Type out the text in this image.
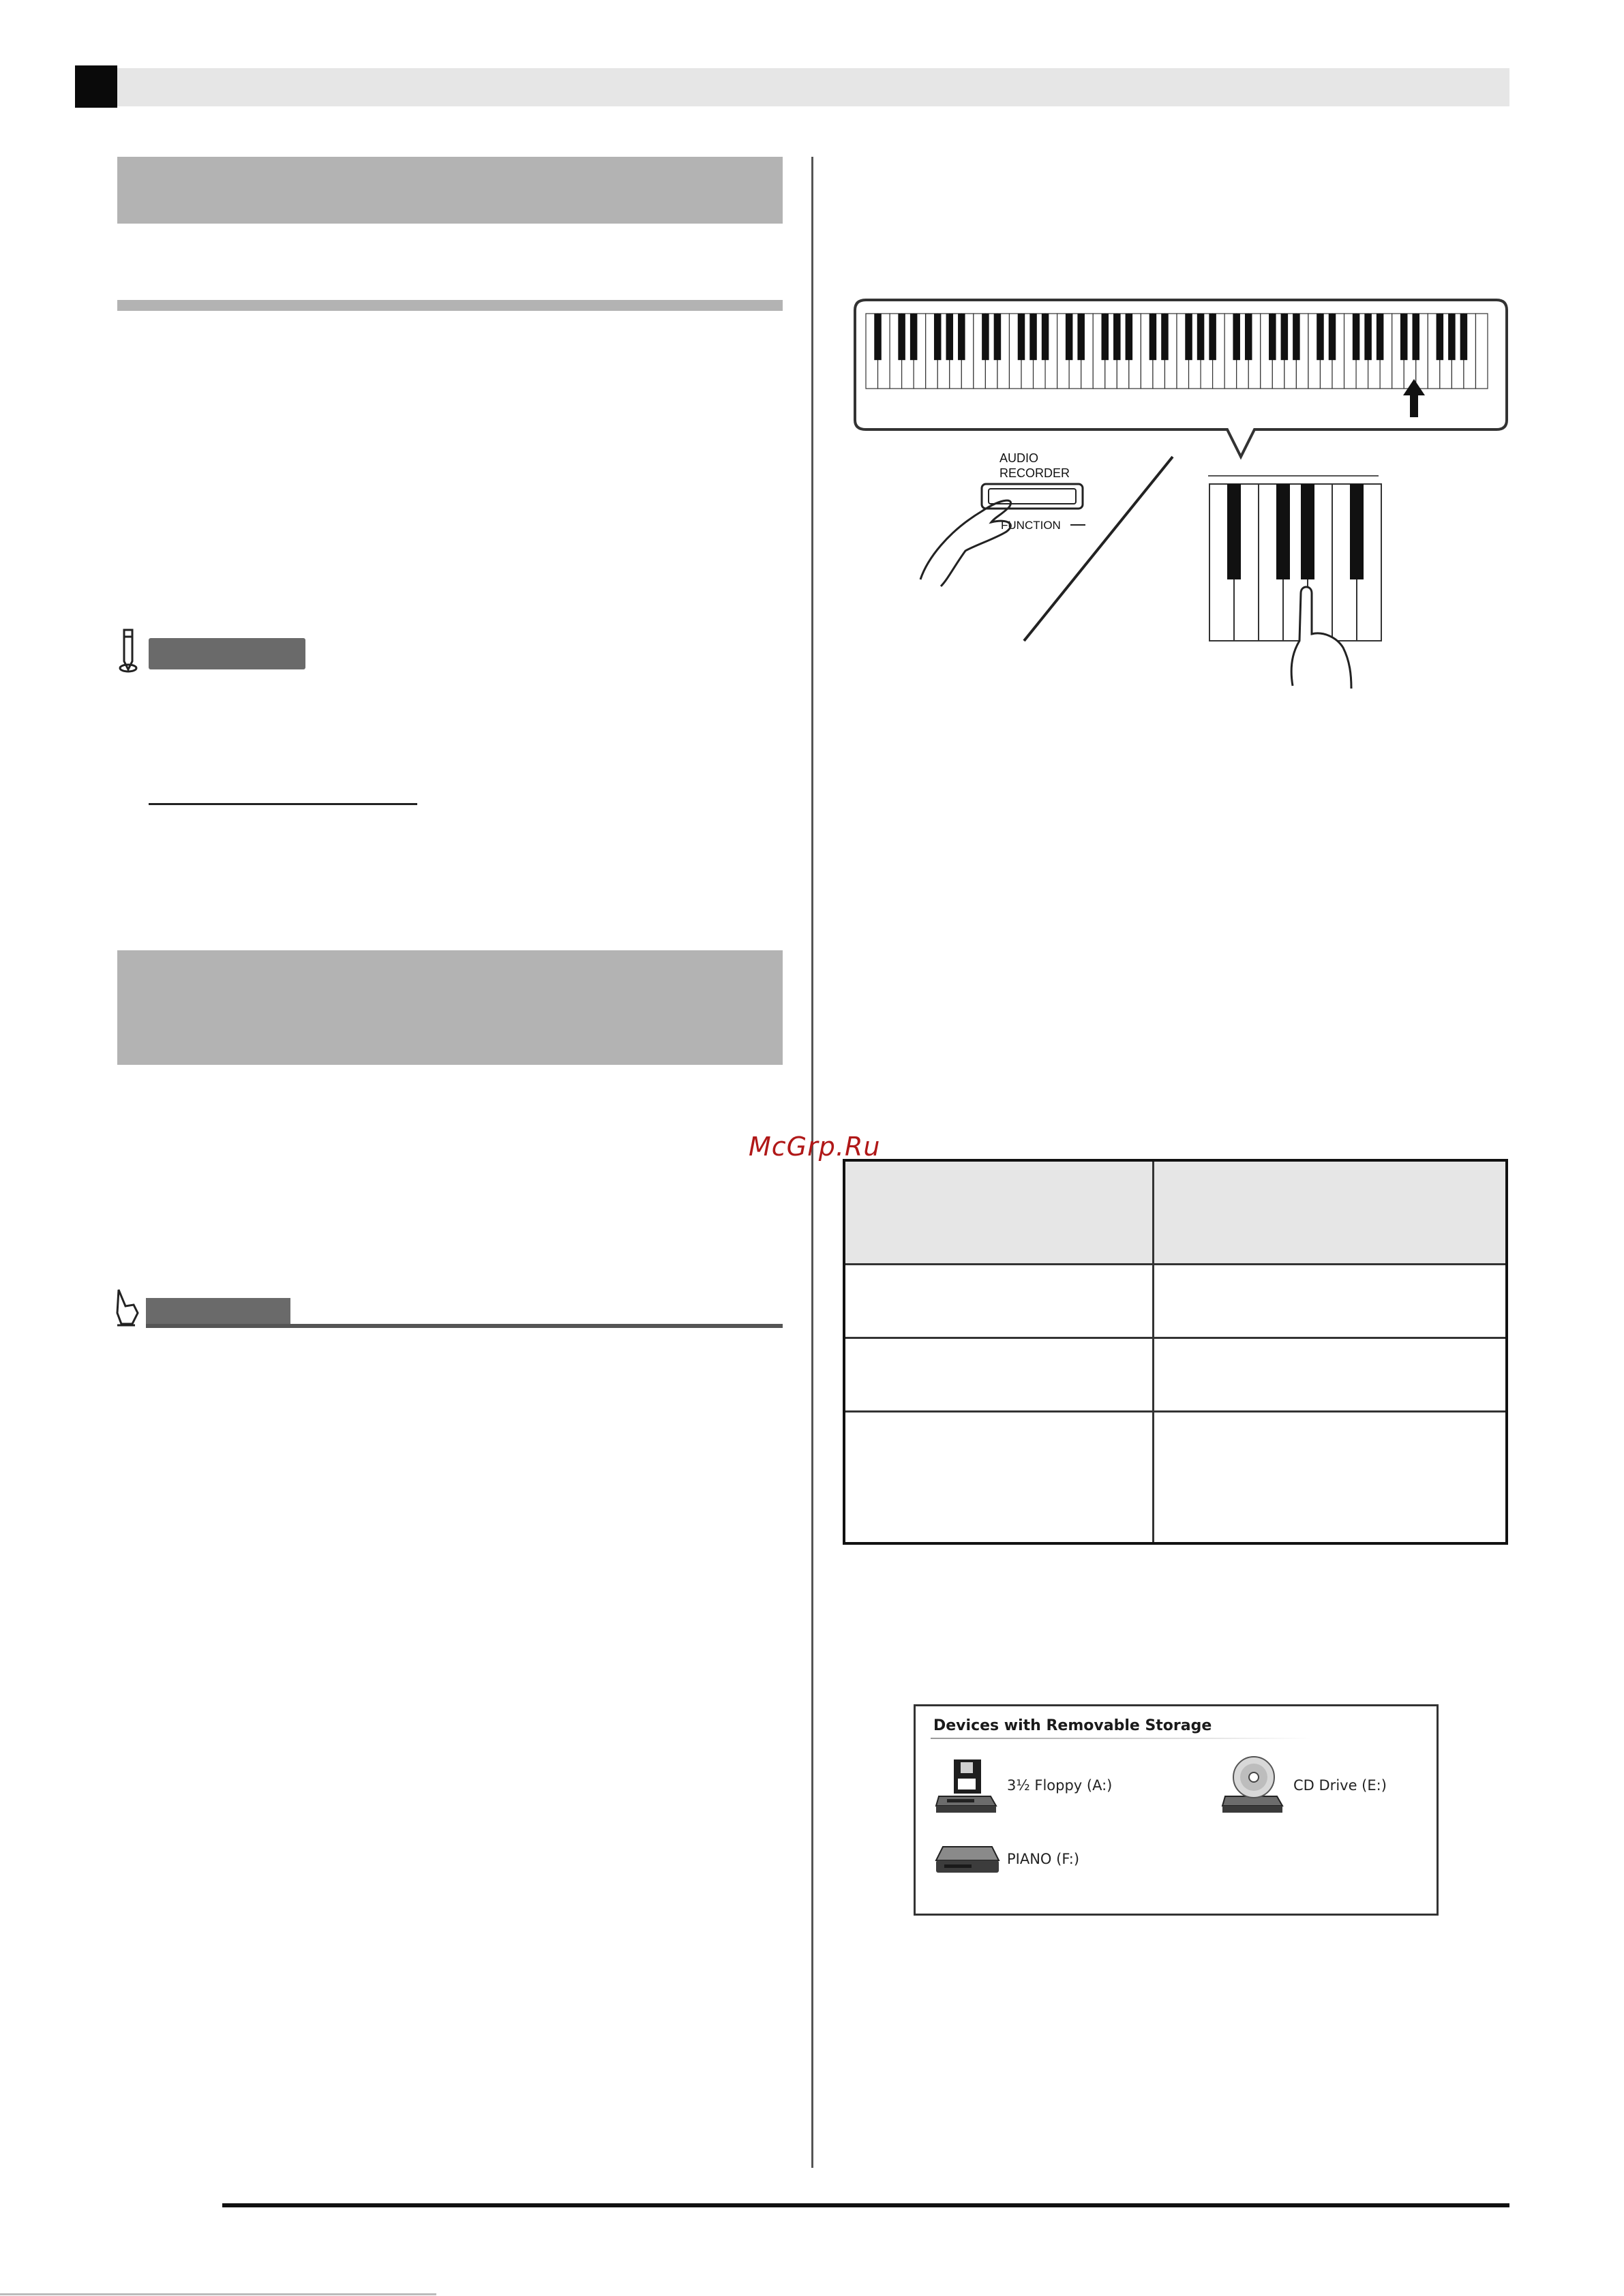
AUDIO
RECORDER
FUNCTION
McGrp.Ru
Devices with Removable Storage
3½ Floppy (A:)	CD Drive (E:)
PIANO (F:)
